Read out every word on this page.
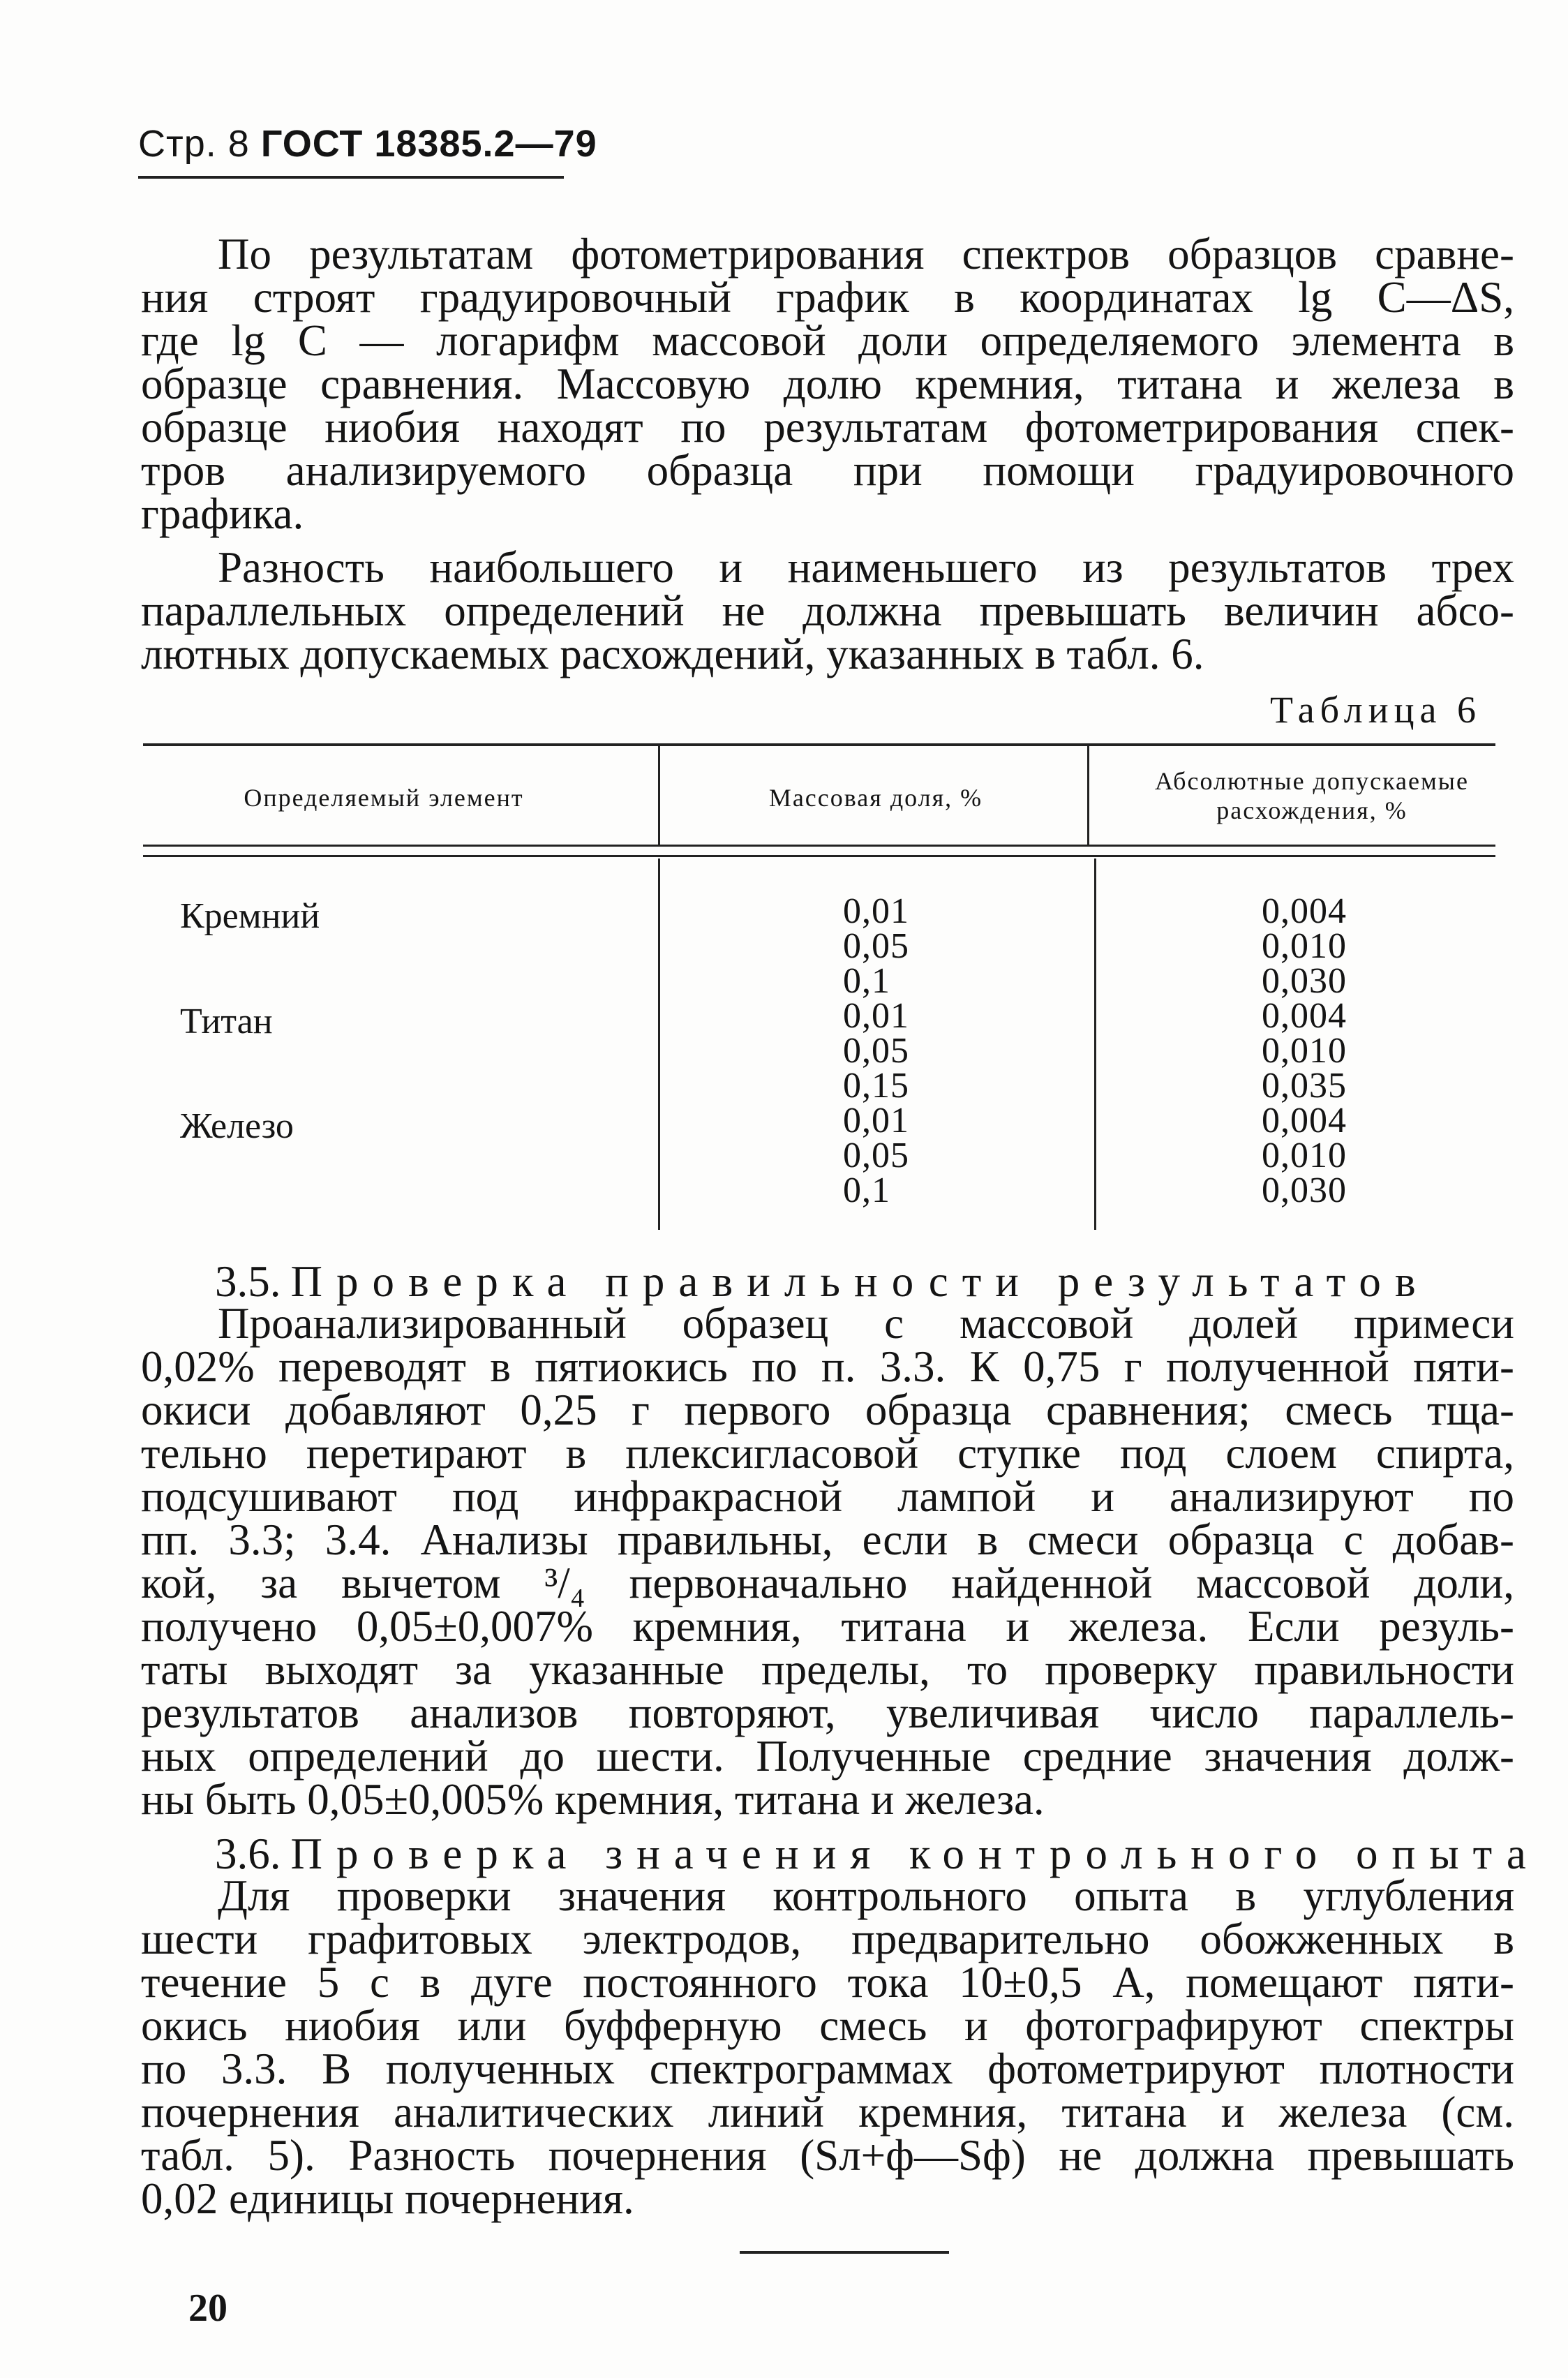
Стр. 8 ГОСТ 18385.2—79
По результатам фотометрирования спектров образцов сравне-
ния строят градуировочный график в координатах lg C—ΔS,
где lg C — логарифм массовой доли определяемого элемента в
образце сравнения. Массовую долю кремния, титана и железа в
образце ниобия находят по результатам фотометрирования спек-
тров анализируемого образца при помощи градуировочного
графика.
Разность наибольшего и наименьшего из результатов трех
параллельных определений не должна превышать величин абсо-
лютных допускаемых расхождений, указанных в табл. 6.
Таблица 6
Определяемый элемент	Массовая доля, %
Абсолютные допускаемые
расхождения, %
Кремний
Титан
Железо
0,01
0,05
0,1
0,01
0,05
0,15
0,01
0,05
0,1
0,004
0,010
0,030
0,004
0,010
0,035
0,004
0,010
0,030
3.5. Проверка правильности результатов
Проанализированный образец с массовой долей примеси
0,02% переводят в пятиокись по п. 3.3. К 0,75 г полученной пяти-
окиси добавляют 0,25 г первого образца сравнения; смесь тща-
тельно перетирают в плексигласовой ступке под слоем спирта,
подсушивают под инфракрасной лампой и анализируют по
пп. 3.3; 3.4. Анализы правильны, если в смеси образца с добав-
кой, за вычетом ³/₄ первоначально найденной массовой доли,
получено 0,05±0,007% кремния, титана и железа. Если резуль-
таты выходят за указанные пределы, то проверку правильности
результатов анализов повторяют, увеличивая число параллель-
ных определений до шести. Полученные средние значения долж-
ны быть 0,05±0,005% кремния, титана и железа.
3.6. Проверка значения контрольного опыта
Для проверки значения контрольного опыта в углубления
шести графитовых электродов, предварительно обожженных в
течение 5 с в дуге постоянного тока 10±0,5 А, помещают пяти-
окись ниобия или буфферную смесь и фотографируют спектры
по 3.3. В полученных спектрограммах фотометрируют плотности
почернения аналитических линий кремния, титана и железа (см.
табл. 5). Разность почернения (Sл+ф—Sф) не должна превышать
0,02 единицы почернения.
20
